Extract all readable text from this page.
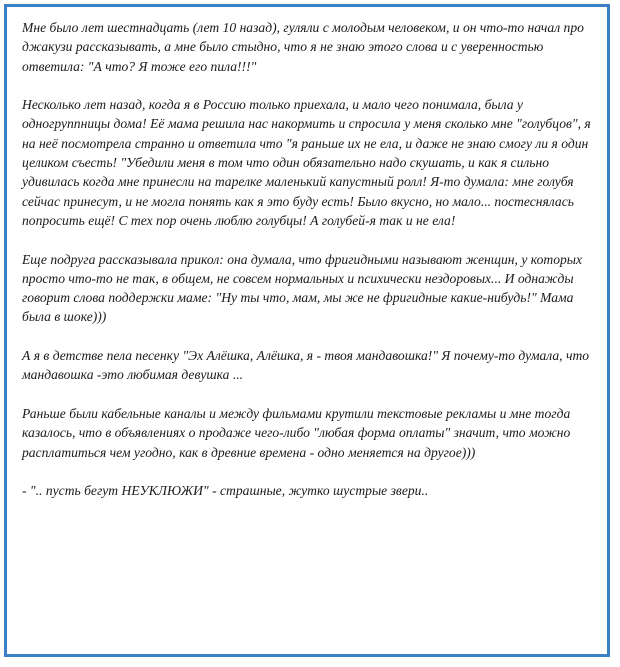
Мне было лет шестнадцать (лет 10 назад), гуляли с молодым человеком, и он что-то начал про джакузи рассказывать, а мне было стыдно, что я не знаю этого слова и с уверенностью ответила: "А что? Я тоже его пила!!!"

Несколько лет назад, когда я в Россию только приехала, и мало чего понимала, была у одногруппницы дома! Её мама решила нас накормить и спросила у меня сколько мне "голубцов", я на неё посмотрела странно и ответила что "я раньше их не ела, и даже не знаю смогу ли я один целиком съесть! "Убедили меня в том что один обязательно надо скушать, и как я сильно удивилась когда мне принесли на тарелке маленький капустный ролл! Я-то думала: мне голубя сейчас принесут, и не могла понять как я это буду есть! Было вкусно, но мало... постеснялась попросить ещё! С тех пор очень люблю голубцы! А голубей-я так и не ела!

Еще подруга рассказывала прикол: она думала, что фригидными называют женщин, у которых просто что-то не так, в общем, не совсем нормальных и психически нездоровых... И однажды говорит слова поддержки маме: "Ну ты что, мам, мы же не фригидные какие-нибудь!" Мама была в шоке)))

А я в детстве пела песенку "Эх Алёшка, Алёшка, я - твоя мандавошка!" Я почему-то думала, что мандавошка -это любимая девушка ...

Раньше были кабельные каналы и между фильмами крутили текстовые рекламы и мне тогда казалось, что в объявлениях о продаже чего-либо "любая форма оплаты" значит, что можно расплатиться чем угодно, как в древние времена - одно меняется на другое)))

- ".. пусть бегут НЕУКЛЮЖИ" - страшные, жутко шустрые звери..
